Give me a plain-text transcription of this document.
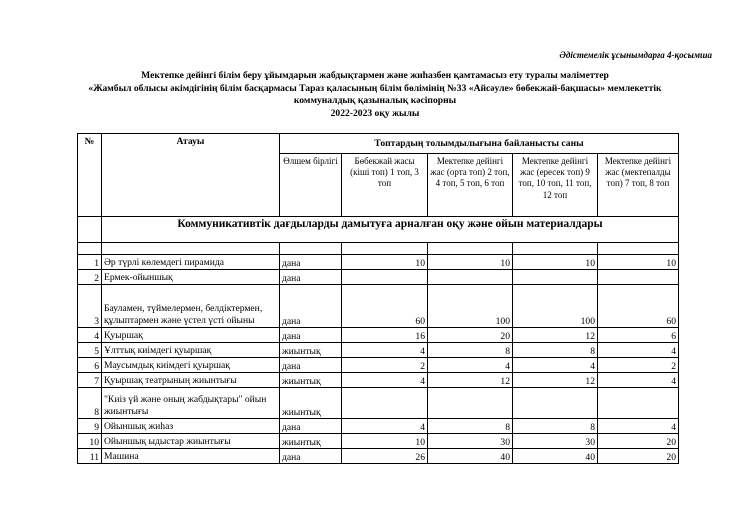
Әдістемелік ұсынымдарға 4-қосымша
Мектепке дейінгі білім беру ұйымдарын жабдықтармен және жиһазбен қамтамасыз ету туралы мәліметтер
«Жамбыл облысы әкімдігінің білім басқармасы Тараз қаласының білім бөлімінің №33 «Айсәуле» бөбекжай-бақшасы» мемлекеттік
коммуналдық қазыналық кәсіпорны
2022-2023 оқу жылы
№	Атауы	Топтардың толымдылығына байланысты саны				
		Өлшем бірлігі	Бөбекжай жасы (кіші топ) 1 топ, 3 топ	Мектепке дейінгі жас (орта топ) 2 топ, 4 топ, 5 топ, 6 топ	Мектепке дейінгі жас (ересек топ) 9 топ, 10 топ, 11 топ, 12 топ	Мектепке дейінгі жас (мектепалды топ) 7 топ, 8 топ
	Коммуникативтік дағдыларды дамытуға арналған оқу және ойын материалдары					

1	Әр түрлі көлемдегі пирамида	дана	10	10	10	10
2	Ермек-ойыншық	дана				
3	Бауламен, түймелермен, белдіктермен, құлыптармен және үстел үсті ойыны	дана	60	100	100	60
4	Қуыршақ	дана	16	20	12	6
5	Ұлттық киімдегі қуыршақ	жиынтық	4	8	8	4
6	Маусымдық киімдегі қуыршақ	дана	2	4	4	2
7	Қуыршақ театрының жиынтығы	жиынтық	4	12	12	4
8	"Киіз үй және оның жабдықтары" ойын жиынтығы	жиынтық				
9	Ойыншық жиһаз	дана	4	8	8	4
10	Ойыншық ыдыстар жиынтығы	жиынтық	10	30	30	20
11	Машина	дана	26	40	40	20
